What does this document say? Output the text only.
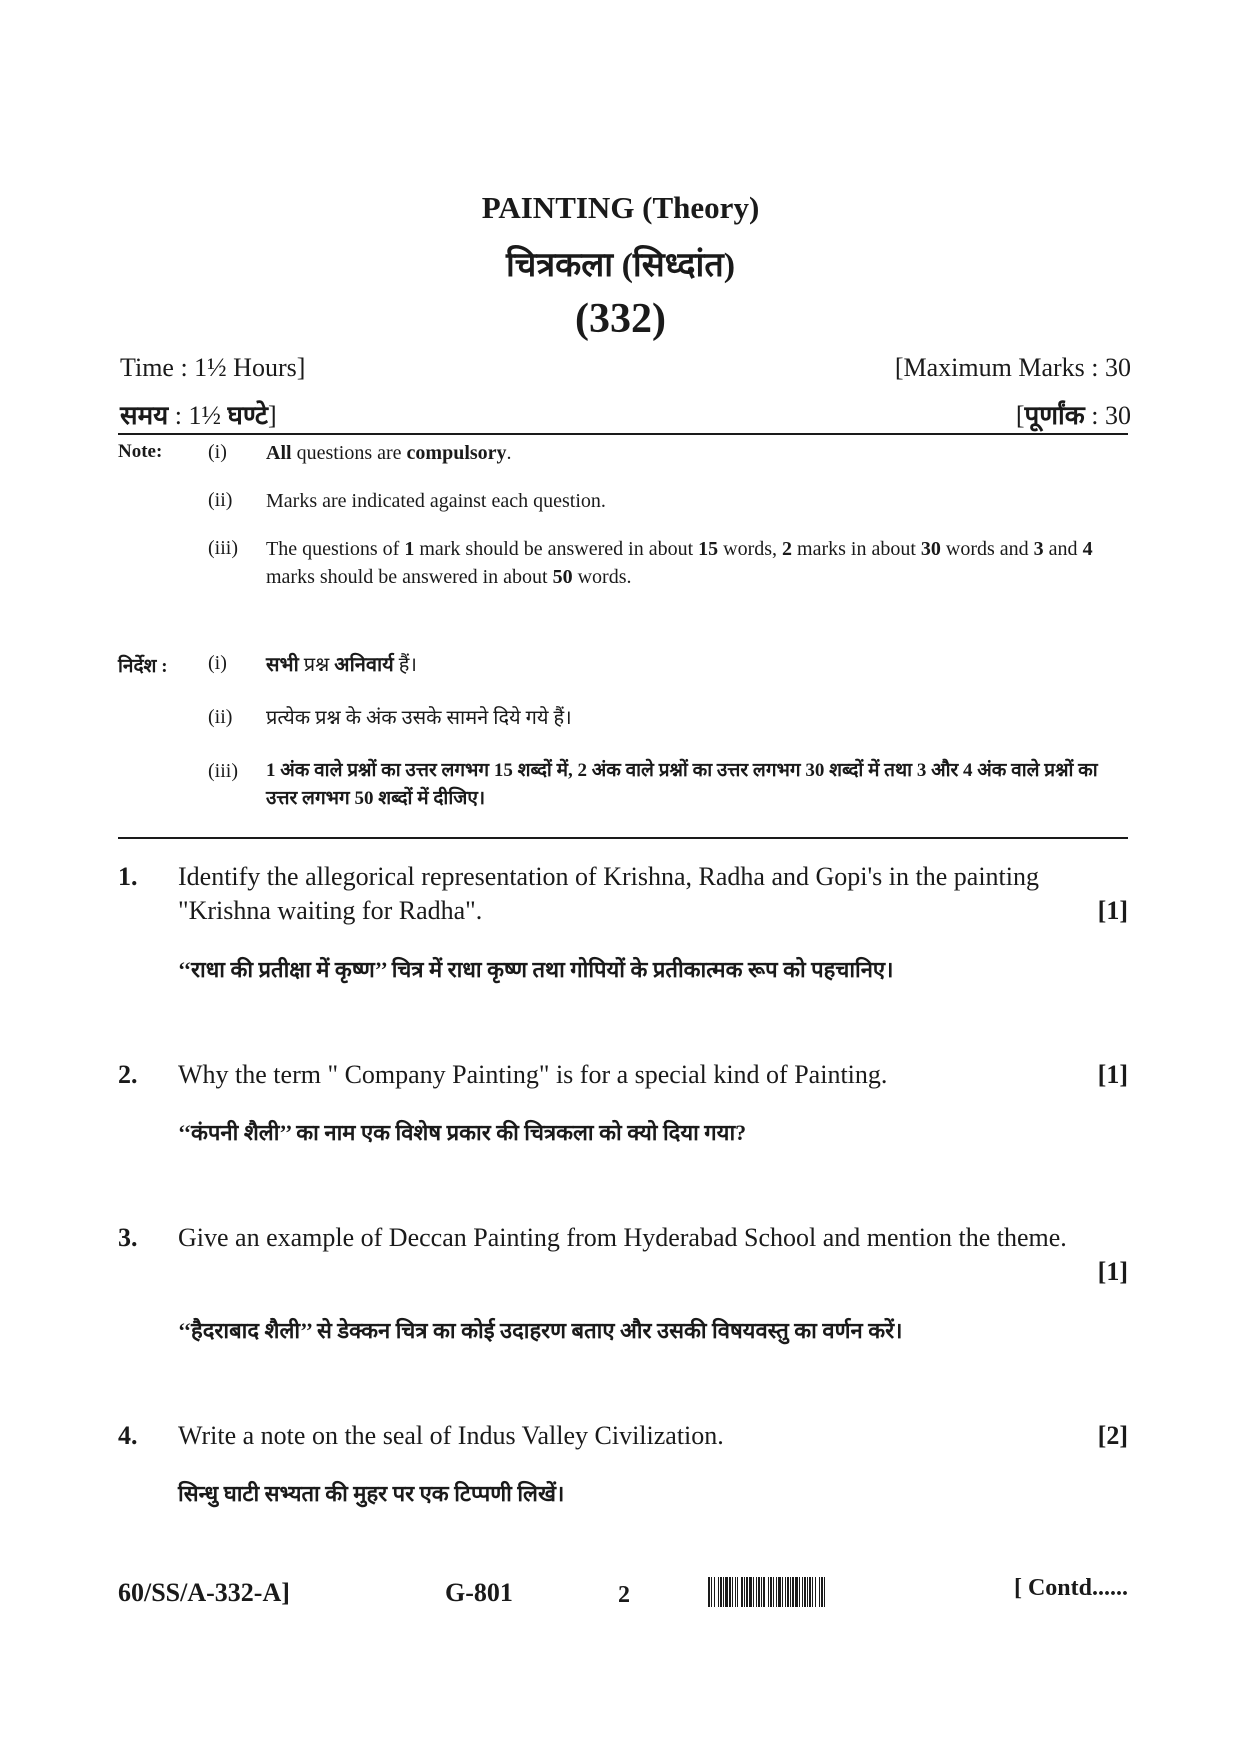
PAINTING (Theory)
चित्रकला (सिध्दांत)
(332)
Time : 1½ Hours]	[Maximum Marks : 30
समय : 1½ घण्टे]	[पूर्णांक : 30
Note: (i) All questions are compulsory.
(ii) Marks are indicated against each question.
(iii) The questions of 1 mark should be answered in about 15 words, 2 marks in about 30 words and 3 and 4 marks should be answered in about 50 words.
निर्देश : (i) सभी प्रश्न अनिवार्य हैं।
(ii) प्रत्येक प्रश्न के अंक उसके सामने दिये गये हैं।
(iii) 1 अंक वाले प्रश्नों का उत्तर लगभग 15 शब्दों में, 2 अंक वाले प्रश्नों का उत्तर लगभग 30 शब्दों में तथा 3 और 4 अंक वाले प्रश्नों का उत्तर लगभग 50 शब्दों में दीजिए।
1. Identify the allegorical representation of Krishna, Radha and Gopi's in the painting "Krishna waiting for Radha".	[1]
‘‘राधा की प्रतीक्षा में कृष्ण’’ चित्र में राधा कृष्ण तथा गोपियों के प्रतीकात्मक रूप को पहचानिए।
2. Why the term " Company Painting" is for a special kind of Painting.	[1]
‘‘कंपनी शैली’’ का नाम एक विशेष प्रकार की चित्रकला को क्यो दिया गया?
3. Give an example of Deccan Painting from Hyderabad School and mention the theme.
[1]
‘‘हैदराबाद शैली’’ से डेक्कन चित्र का कोई उदाहरण बताए और उसकी विषयवस्तु का वर्णन करें।
4. Write a note on the seal of Indus Valley Civilization.	[2]
सिन्धु घाटी सभ्यता की मुहर पर एक टिप्पणी लिखें।
60/SS/A-332-A]	G-801	2	[ Contd......
